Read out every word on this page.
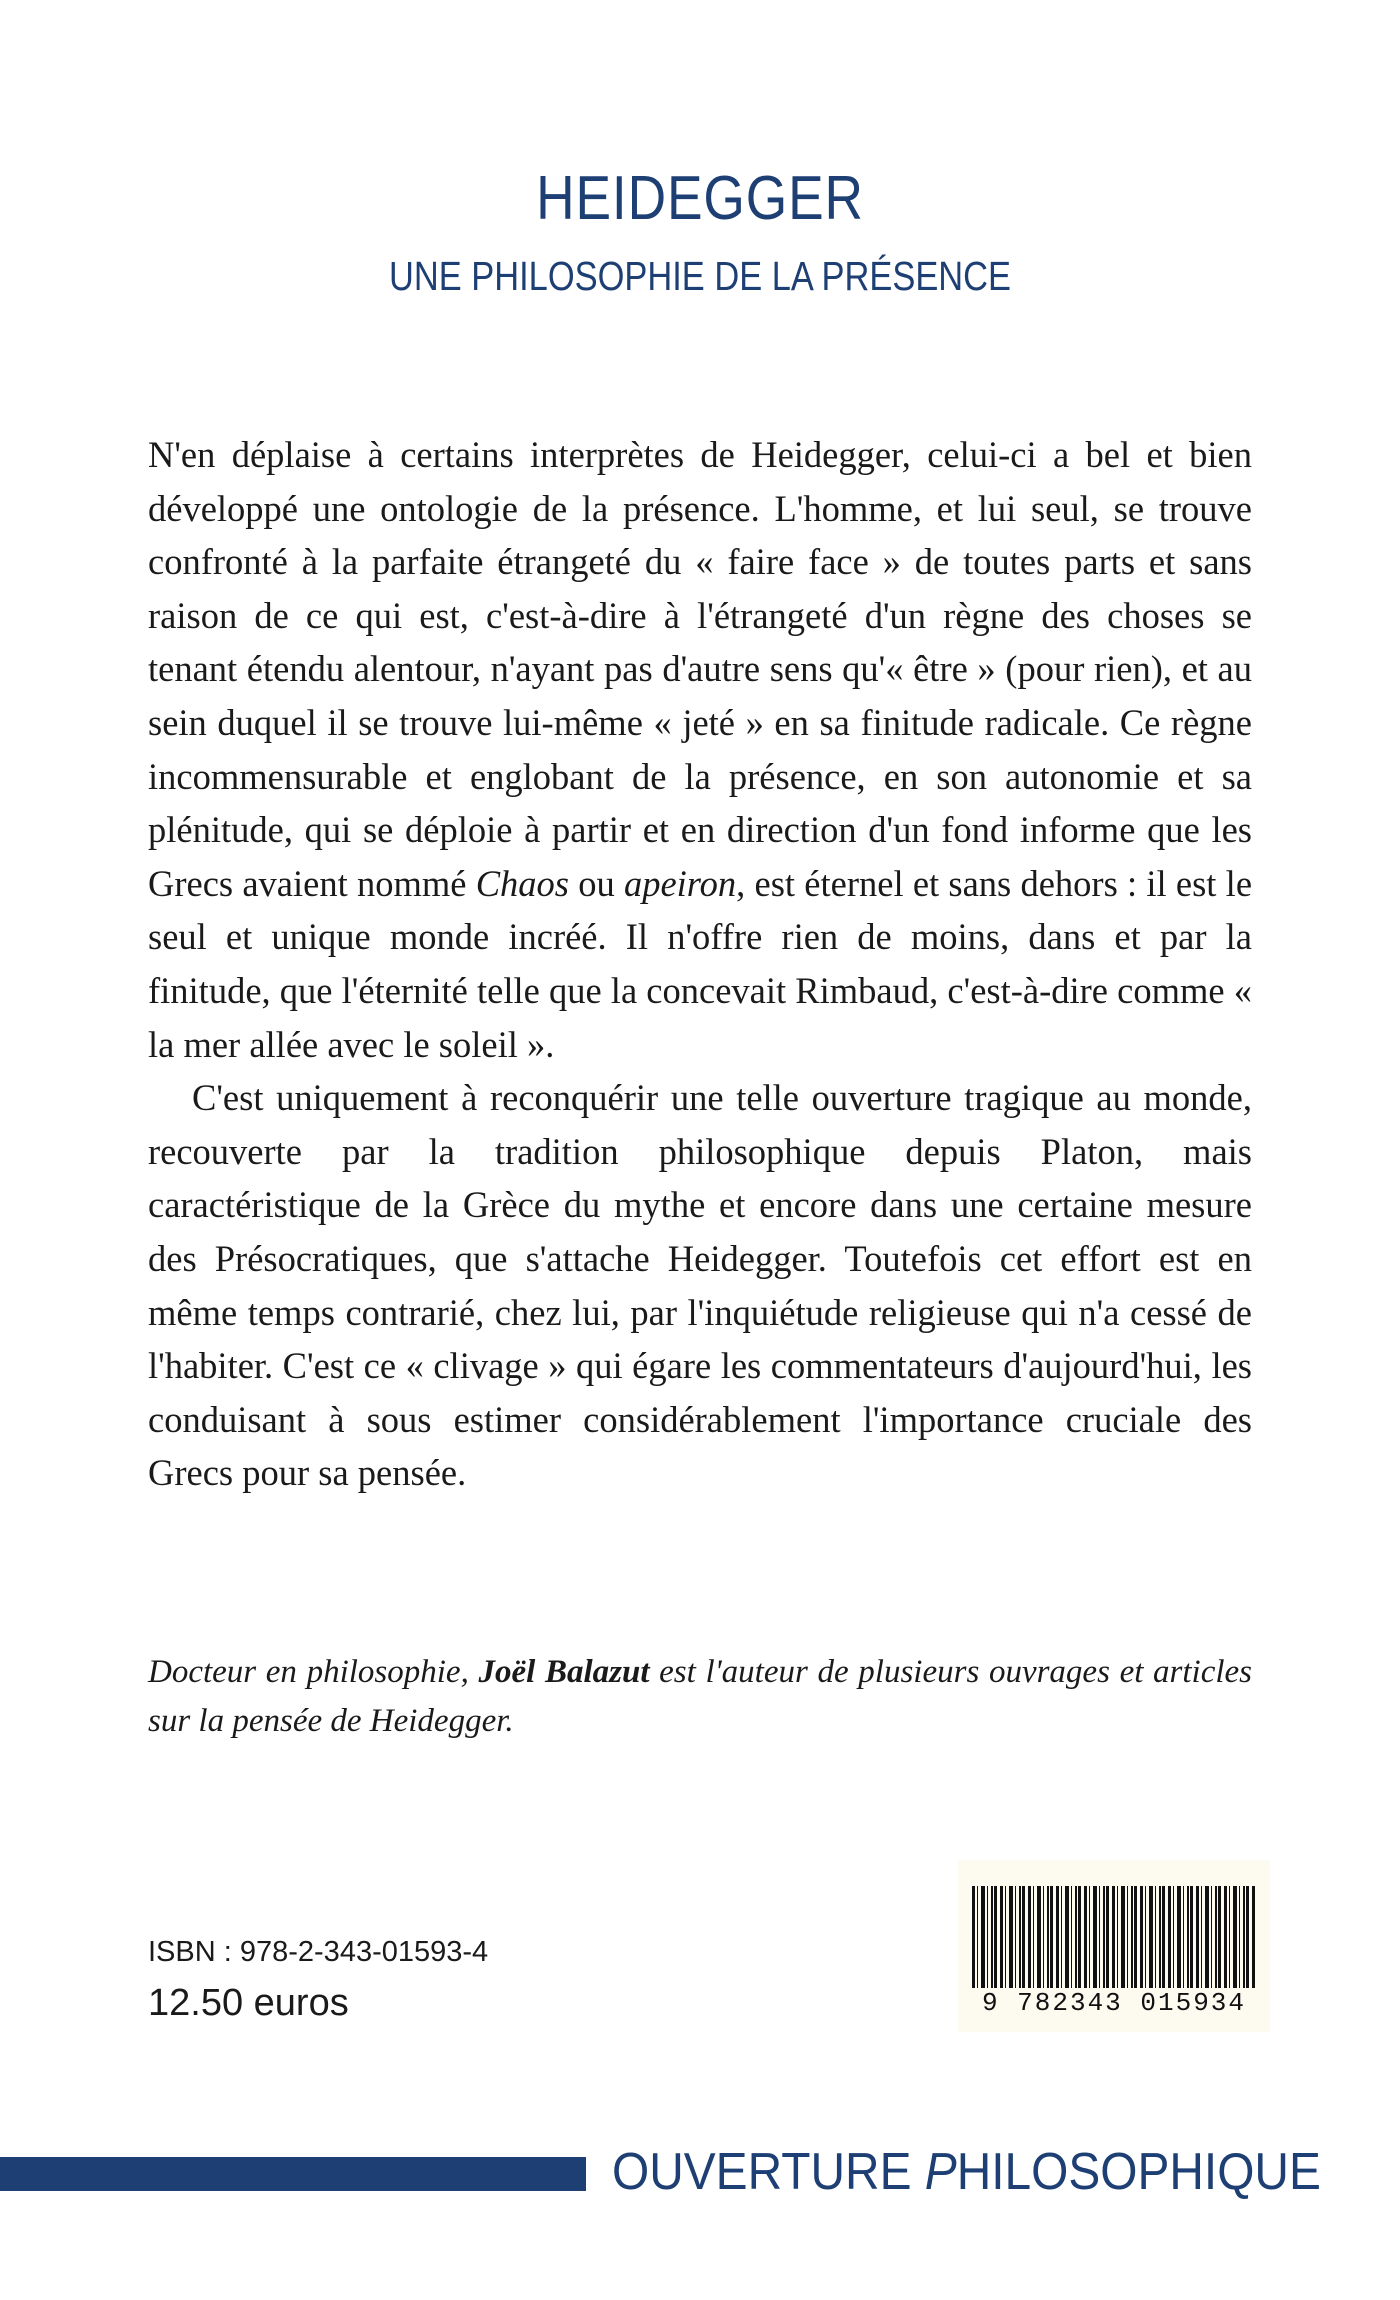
HEIDEGGER
UNE PHILOSOPHIE DE LA PRÉSENCE

N'en déplaise à certains interprètes de Heidegger, celui-ci a bel et bien développé une ontologie de la présence. L'homme, et lui seul, se trouve confronté à la parfaite étrangeté du « faire face » de toutes parts et sans raison de ce qui est, c'est-à-dire à l'étrangeté d'un règne des choses se tenant étendu alentour, n'ayant pas d'autre sens qu'« être » (pour rien), et au sein duquel il se trouve lui-même « jeté » en sa finitude radicale. Ce règne incommensurable et englobant de la présence, en son autonomie et sa plénitude, qui se déploie à partir et en direction d'un fond informe que les Grecs avaient nommé Chaos ou apeiron, est éternel et sans dehors : il est le seul et unique monde incréé. Il n'offre rien de moins, dans et par la finitude, que l'éternité telle que la concevait Rimbaud, c'est-à-dire comme « la mer allée avec le soleil ».

C'est uniquement à reconquérir une telle ouverture tragique au monde, recouverte par la tradition philosophique depuis Platon, mais caractéristique de la Grèce du mythe et encore dans une certaine mesure des Présocratiques, que s'attache Heidegger. Toutefois cet effort est en même temps contrarié, chez lui, par l'inquiétude religieuse qui n'a cessé de l'habiter. C'est ce « clivage » qui égare les commentateurs d'aujourd'hui, les conduisant à sous estimer considérablement l'importance cruciale des Grecs pour sa pensée.

Docteur en philosophie, Joël Balazut est l'auteur de plusieurs ouvrages et articles sur la pensée de Heidegger.
ISBN : 978-2-343-01593-4
12.50 euros	9 782343 015934
OUVERTURE PHILOSOPHIQUE
